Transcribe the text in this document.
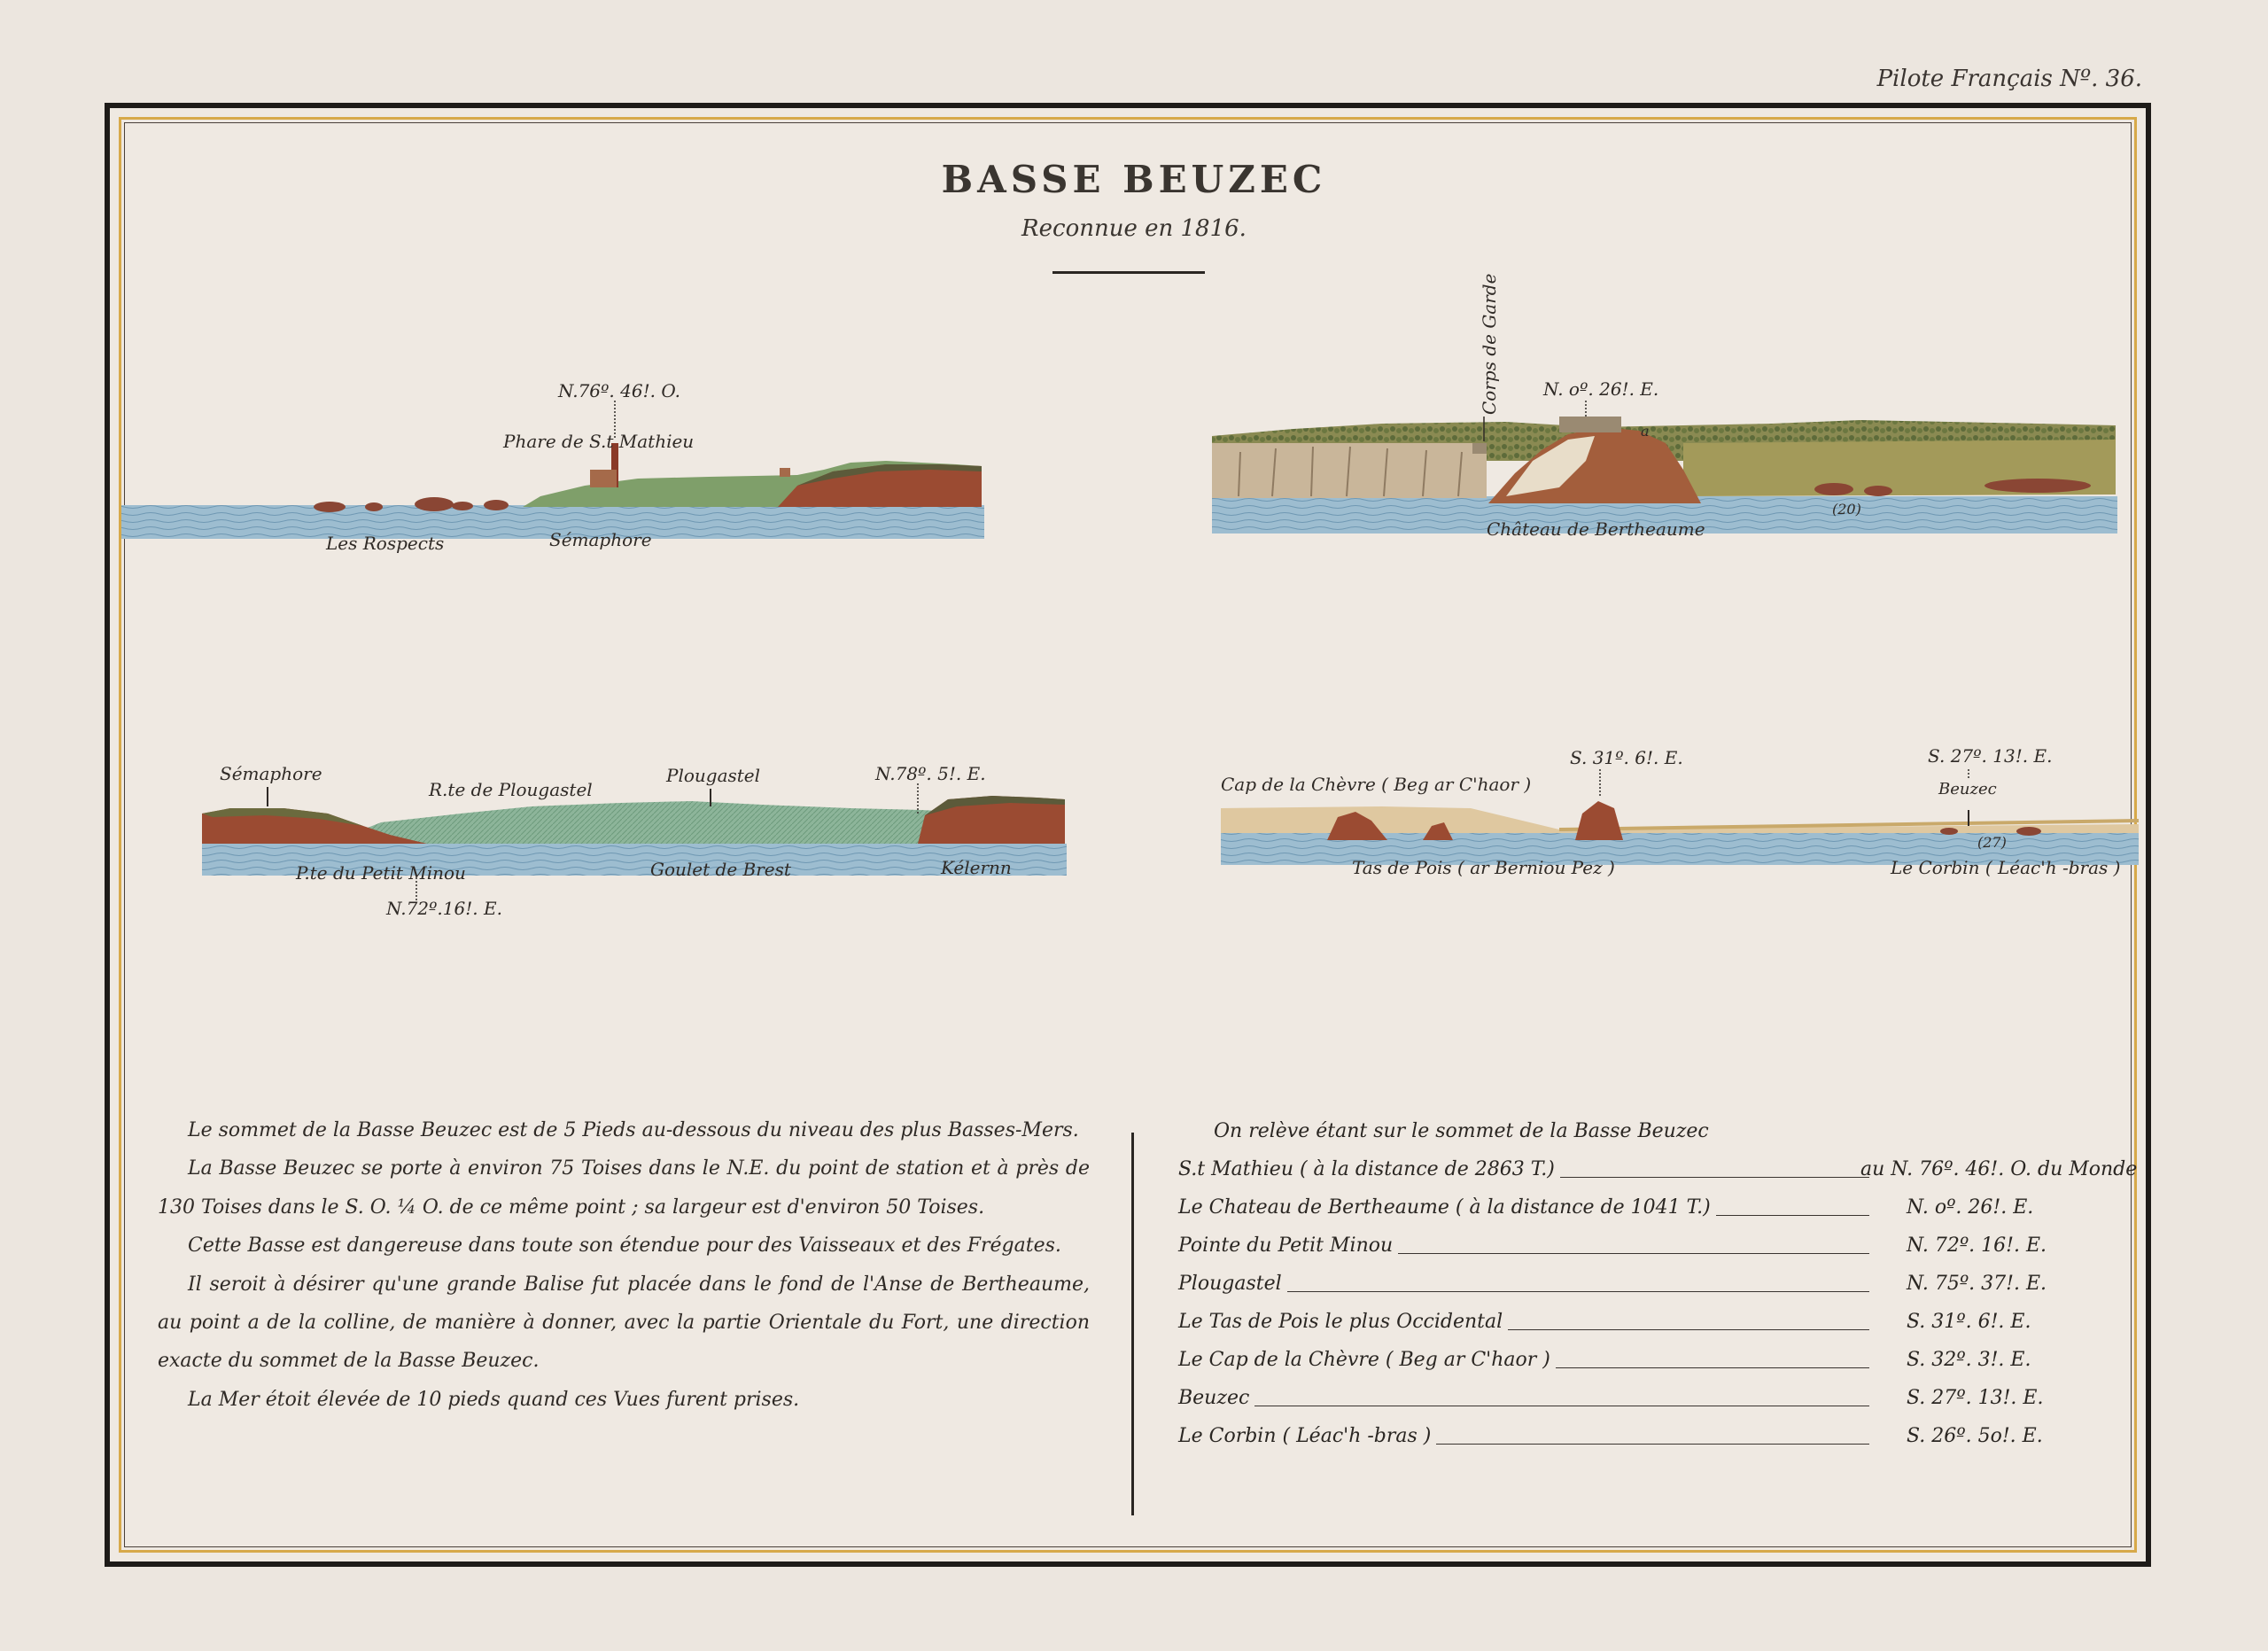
Pilote Français Nº. 36.
BASSE BEUZEC
Reconnue en 1816.
N.76º. 46!. O.
Phare de S.t Mathieu
Les Rospects	Sémaphore
N. oº. 26!. E.
Corps de Garde
Château de Bertheaume
a
(20)
Sémaphore
R.te de Plougastel
Plougastel	N.78º. 5!. E.
P.te du Petit Minou	Goulet de Brest	Kélernn
N.72º.16!. E.
Cap de la Chèvre ( Beg ar C'haor )
S. 31º. 6!. E.	S. 27º. 13!. E.
Beuzec
(27)
Tas de Pois ( ar Berniou Pez )	Le Corbin ( Léac'h -bras )

Le sommet de la Basse Beuzec est de 5 Pieds au-dessous du niveau des plus Basses-Mers.

La Basse Beuzec se porte à environ 75 Toises dans le N.E. du point de station et à près de 130 Toises dans le S. O. ¼ O. de ce même point ; sa largeur est d'environ 50 Toises.

Cette Basse est dangereuse dans toute son étendue pour des Vaisseaux et des Frégates.

Il seroit à désirer qu'une grande Balise fut placée dans le fond de l'Anse de Bertheaume, au point a de la colline, de manière à donner, avec la partie Orientale du Fort, une direction exacte du sommet de la Basse Beuzec.

La Mer étoit élevée de 10 pieds quand ces Vues furent prises.

On relève étant sur le sommet de la Basse Beuzec
S.t Mathieu ( à la distance de 2863 T.)	au N. 76º. 46!. O. du Monde
Le Chateau de Bertheaume ( à la distance de 1041 T.)	N. oº. 26!. E.
Pointe du Petit Minou	N. 72º. 16!. E.
Plougastel	N. 75º. 37!. E.
Le Tas de Pois le plus Occidental	S. 31º. 6!. E.
Le Cap de la Chèvre ( Beg ar C'haor )	S. 32º. 3!. E.
Beuzec	S. 27º. 13!. E.
Le Corbin ( Léac'h -bras )	S. 26º. 5o!. E.
